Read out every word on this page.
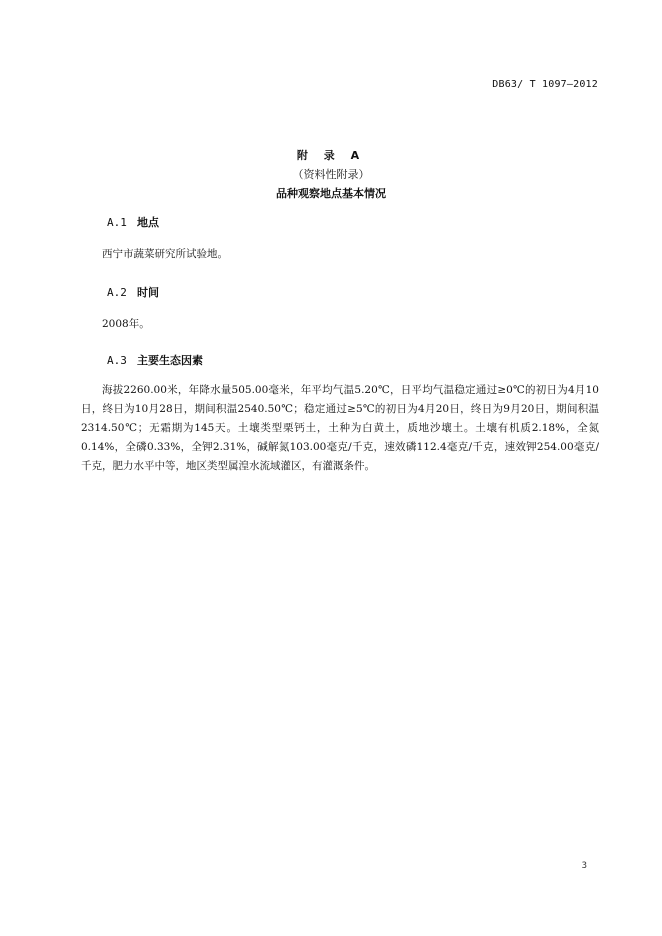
DB63/ T 1097—2012
附 录 A
（资料性附录）
品种观察地点基本情况
A.1 地点
西宁市蔬菜研究所试验地。
A.2 时间
2008年。
A.3 主要生态因素
海拔2260.00米，年降水量505.00毫米，年平均气温5.20℃，日平均气温稳定通过≥0℃的初日为4月10日，终日为10月28日，期间积温2540.50℃；稳定通过≥5℃的初日为4月20日，终日为9月20日，期间积温2314.50℃；无霜期为145天。土壤类型栗钙土，土种为白黄土，质地沙壤土。土壤有机质2.18%，全氮0.14%，全磷0.33%，全钾2.31%，碱解氮103.00毫克/千克，速效磷112.4毫克/千克，速效钾254.00毫克/千克，肥力水平中等，地区类型属湟水流域灌区，有灌溉条件。
3
